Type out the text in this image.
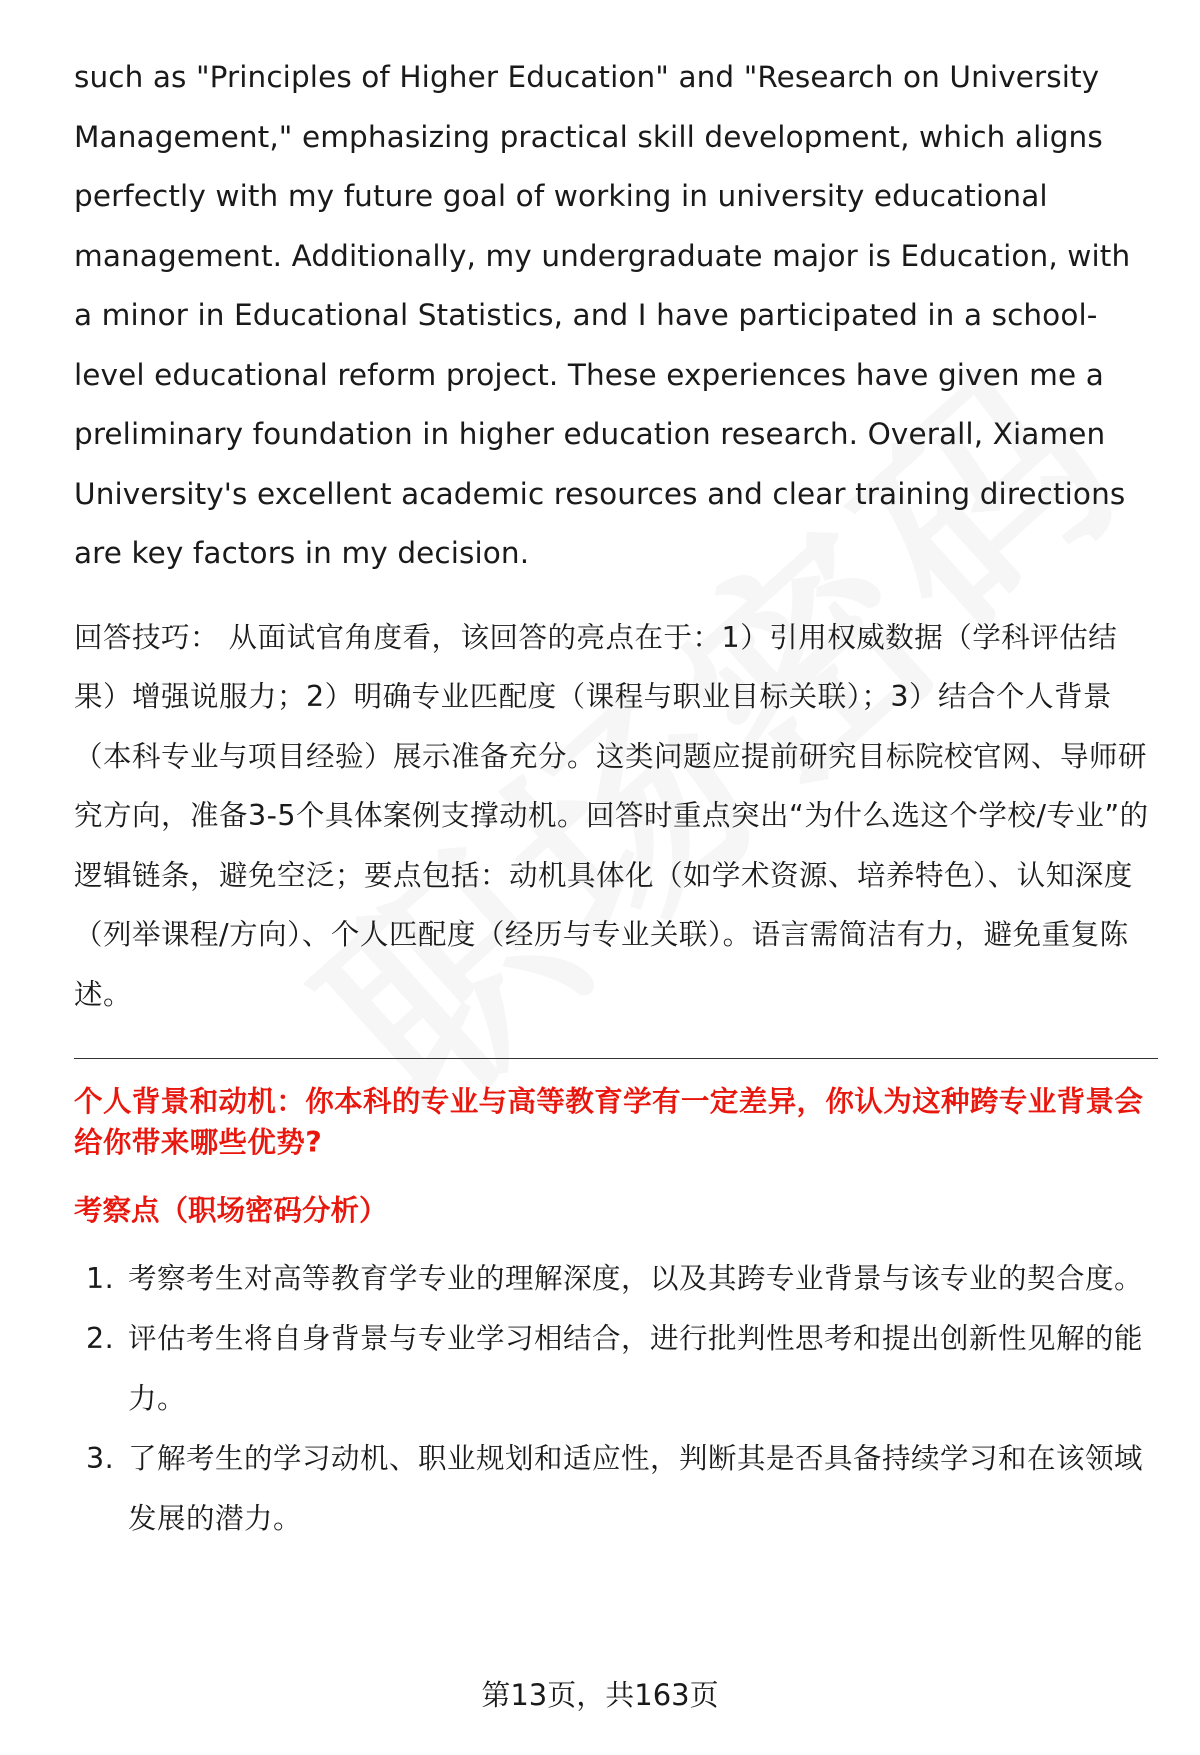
such as "Principles of Higher Education" and "Research on University Management," emphasizing practical skill development, which aligns perfectly with my future goal of working in university educational management. Additionally, my undergraduate major is Education, with a minor in Educational Statistics, and I have participated in a school-level educational reform project. These experiences have given me a preliminary foundation in higher education research. Overall, Xiamen University's excellent academic resources and clear training directions are key factors in my decision.

回答技巧： 从面试官角度看，该回答的亮点在于：1）引用权威数据（学科评估结果）增强说服力；2）明确专业匹配度（课程与职业目标关联）；3）结合个人背景（本科专业与项目经验）展示准备充分。这类问题应提前研究目标院校官网、导师研究方向，准备3-5个具体案例支撑动机。回答时重点突出“为什么选这个学校/专业”的逻辑链条，避免空泛；要点包括：动机具体化（如学术资源、培养特色）、认知深度（列举课程/方向）、个人匹配度（经历与专业关联）。语言需简洁有力，避免重复陈述。

个人背景和动机：你本科的专业与高等教育学有一定差异，你认为这种跨专业背景会给你带来哪些优势?
考察点（职场密码分析）
1. 考察考生对高等教育学专业的理解深度，以及其跨专业背景与该专业的契合度。
2. 评估考生将自身背景与专业学习相结合，进行批判性思考和提出创新性见解的能力。
3. 了解考生的学习动机、职业规划和适应性，判断其是否具备持续学习和在该领域发展的潜力。
第13页，共163页
